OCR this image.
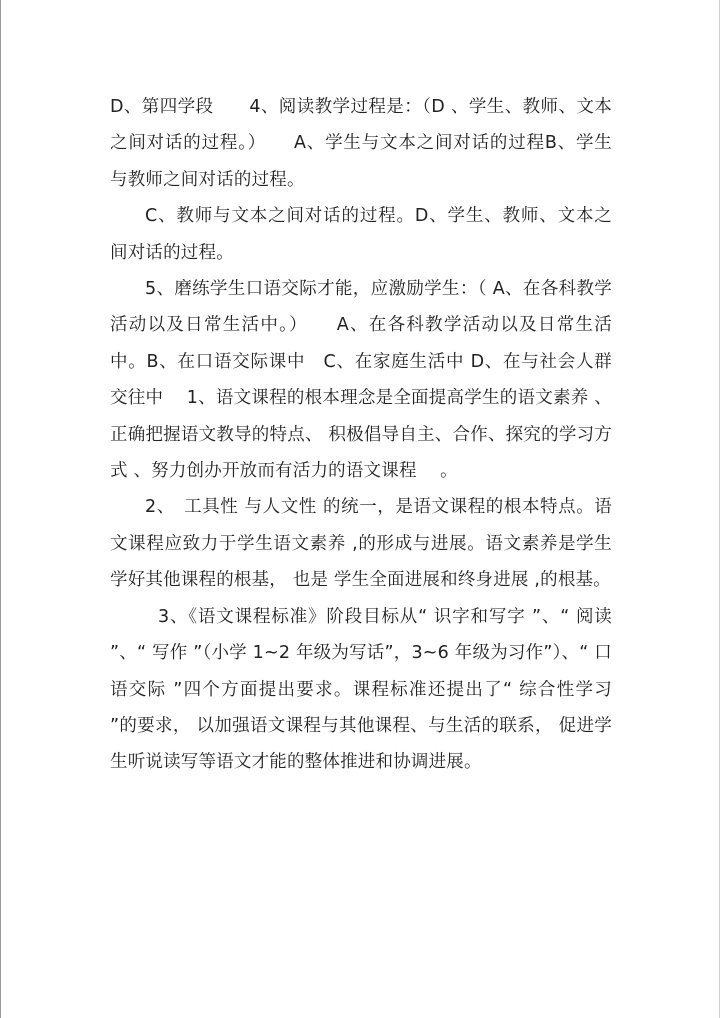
D、第四学段　　4、阅读教学过程是：（D 、学生、教师、文本之间对话的过程。）　　A、学生与文本之间对话的过程B、学生与教师之间对话的过程。

C、教师与文本之间对话的过程。D、学生、教师、文本之间对话的过程。

5、磨练学生口语交际才能，应激励学生：（ A、在各科教学活动以及日常生活中。）　　A、在各科教学活动以及日常生活中。B、在口语交际课中　C、在家庭生活中 D、在与社会人群交往中　 1、语文课程的根本理念是全面提高学生的语文素养 、正确把握语文教导的特点、 积极倡导自主、合作、探究的学习方式 、努力创办开放而有活力的语文课程　 。

2、　工具性 与人文性 的统一，是语文课程的根本特点。语文课程应致力于学生语文素养 ,的形成与进展。语文素养是学生学好其他课程的根基， 也是 学生全面进展和终身进展 ,的根基。

3、《语文课程标准》阶段目标从“ 识字和写字 ”、“ 阅读 ”、“ 写作 ”（小学 1~2 年级为写话”，3~6 年级为习作”）、“ 口语交际 ”四个方面提出要求。课程标准还提出了“ 综合性学习 ”的要求， 以加强语文课程与其他课程、与生活的联系， 促进学生听说读写等语文才能的整体推进和协调进展。
